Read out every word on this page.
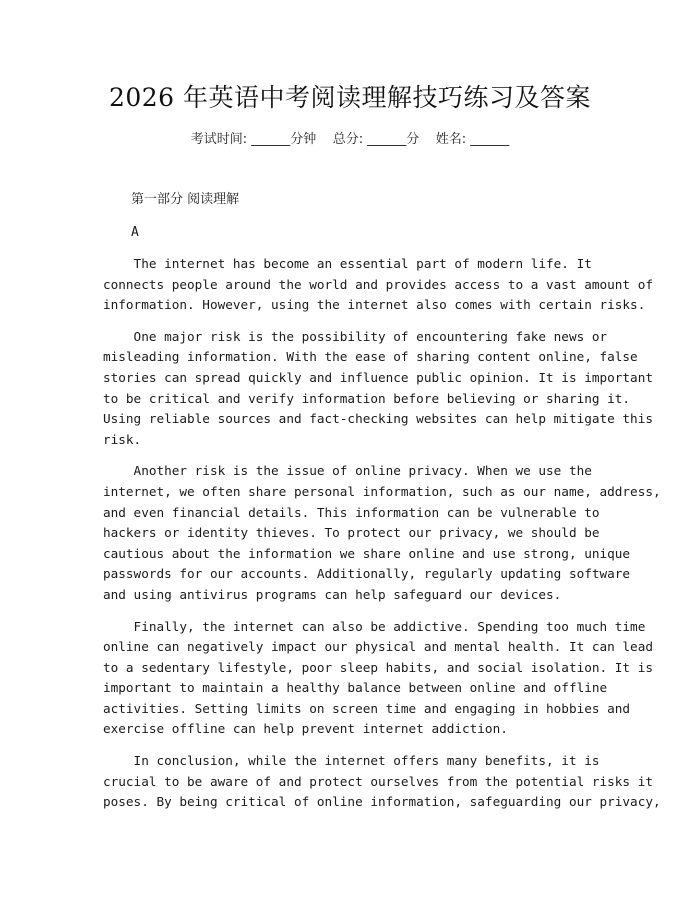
2026 年英语中考阅读理解技巧练习及答案
考试时间: ______分钟    总分: ______分    姓名: ______
第一部分 阅读理解
A

The internet has become an essential part of modern life. It
connects people around the world and provides access to a vast amount of
information. However, using the internet also comes with certain risks.

One major risk is the possibility of encountering fake news or
misleading information. With the ease of sharing content online, false
stories can spread quickly and influence public opinion. It is important
to be critical and verify information before believing or sharing it.
Using reliable sources and fact-checking websites can help mitigate this
risk.

Another risk is the issue of online privacy. When we use the
internet, we often share personal information, such as our name, address,
and even financial details. This information can be vulnerable to
hackers or identity thieves. To protect our privacy, we should be
cautious about the information we share online and use strong, unique
passwords for our accounts. Additionally, regularly updating software
and using antivirus programs can help safeguard our devices.

Finally, the internet can also be addictive. Spending too much time
online can negatively impact our physical and mental health. It can lead
to a sedentary lifestyle, poor sleep habits, and social isolation. It is
important to maintain a healthy balance between online and offline
activities. Setting limits on screen time and engaging in hobbies and
exercise offline can help prevent internet addiction.

In conclusion, while the internet offers many benefits, it is
crucial to be aware of and protect ourselves from the potential risks it
poses. By being critical of online information, safeguarding our privacy,
